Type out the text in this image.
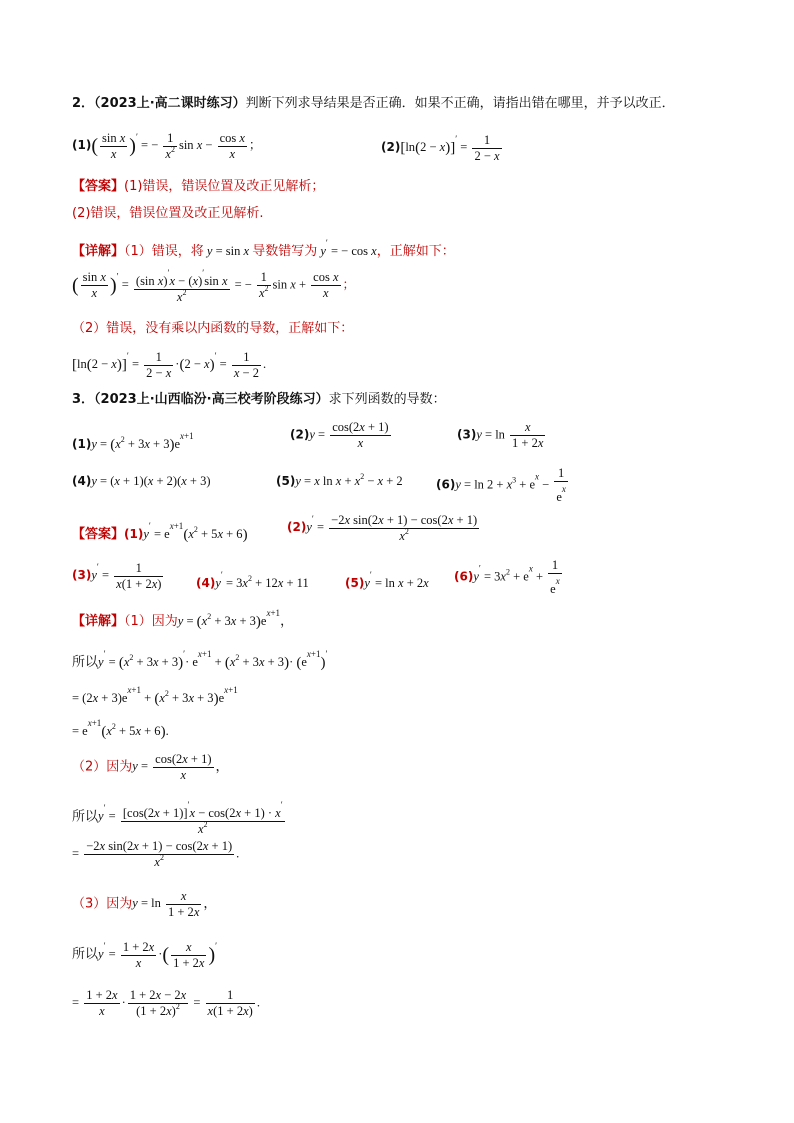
2．（2023上·高二课时练习）判断下列求导结果是否正确．如果不正确，请指出错在哪里，并予以改正．
$(1)( \frac{\text{sin x}}{x} )'$ = − $\frac{1}{x^2}$ $\sin x - \frac{\text{cos x}}{x}$ ；	$(2)[\ln(2 - x)]' = \frac{1}{2 - x}$
【答案】(1)错误，错误位置及改正见解析；
(2)错误，错误位置及改正见解析.
【详解】（1）错误，将 y = sin x 导数错写为 y′ = − cos x，正解如下：
( $\frac{\text{sin x}}{x} )' = \frac{(\sin x)'x - (x)'\sin x}{x^2}$ = − $\frac{1}{x^2}$ $\sin x + \frac{\text{cos x}}{x}$ ；
（2）错误，没有乘以内函数的导数，正解如下：
$[\ln(2 - x)]' = \frac{1}{2 - x} \cdot(2 - x)' = \frac{1}{x - 2}$ .
3．（2023上·山西临汾·高三校考阶段练习）求下列函数的导数：
$(1)y = (x^2 + 3x + 3)e^{x+1}$	$(2)y = \frac{\cos(2x + 1)}{x}$	$(3)y = \ln \frac{x}{1 + 2x}$
(4)y = (x + 1)(x + 2)(x + 3)	(5)y = x $\ln x + x^2 - x + 2$	$(6)y = \ln 2 + x^3 + e^x - \frac{1}{e^x}$
【答案】$(1)y' = e^{x+1}(x^2 + 5x + 6)$
$(2)y' = \frac{\text{−2x sin(2x + 1) − cos(2x + 1)}}{x^2}$
$(3)y' = \frac{1}{x(1 + 2x)}$	$(4)y' = 3x^2 + 12x + 11$	(5)y′ = ln x + 2x $(6)y' = 3x^2 + e^x + \frac{1}{e^x}$
【详解】（1）因为$y = (x^2 + 3x + 3)e^{x+1}$，
所以$y' = (x^2 + 3x + 3)'\cdot e^{x+1} + (x^2 + 3x + 3)\cdot (e^{x+1})'$
= $(2x + 3)e^{x+1} + (x^2 + 3x + 3)e^{x+1}$
= $e^{x+1}(x^2 + 5x + 6)$.
（2）因为$y = \frac{\cos(2x + 1)}{x}$ ，
所以$y' = \frac{[\cos(2x + 1)]'x - \cos(2x + 1) \cdot x'}{x^2}$
= $\frac{\text{−2x sin(2x + 1) − cos(2x + 1)}}{x^2}$ .
（3）因为$y = \ln \frac{x}{1 + 2x}$ ，
所以$y' = \frac{1 + 2x}{x}$ ·( $\frac{x}{1 + 2x} )'$
= $\frac{1 + 2x}{x} \cdot \frac{1 + 2x - 2x}{(1 + 2x)^2} = \frac{1}{x(1 + 2x)}$ .
